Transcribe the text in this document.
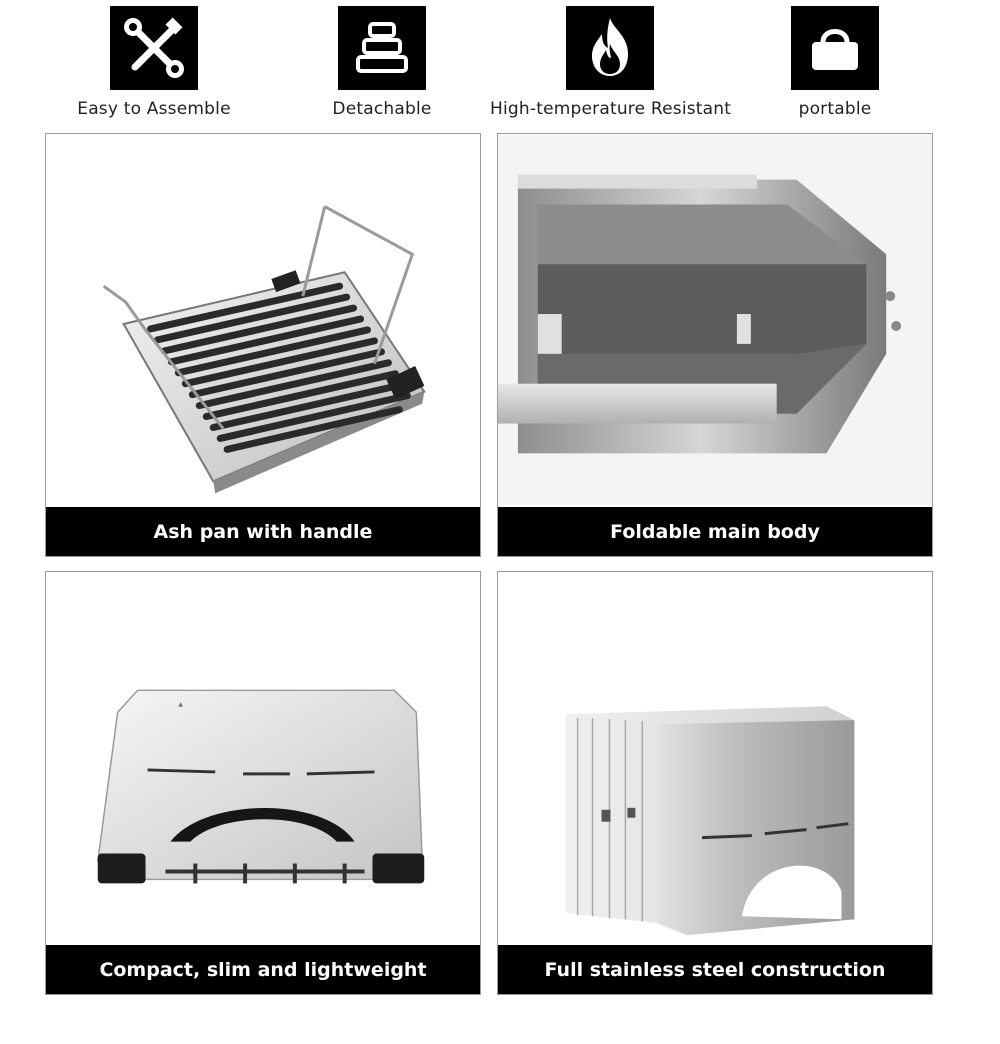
Easy to Assemble	Detachable	High-temperature Resistant	portable
Ash pan with handle	Foldable main body
▲
Compact, slim and lightweight	Full stainless steel construction
